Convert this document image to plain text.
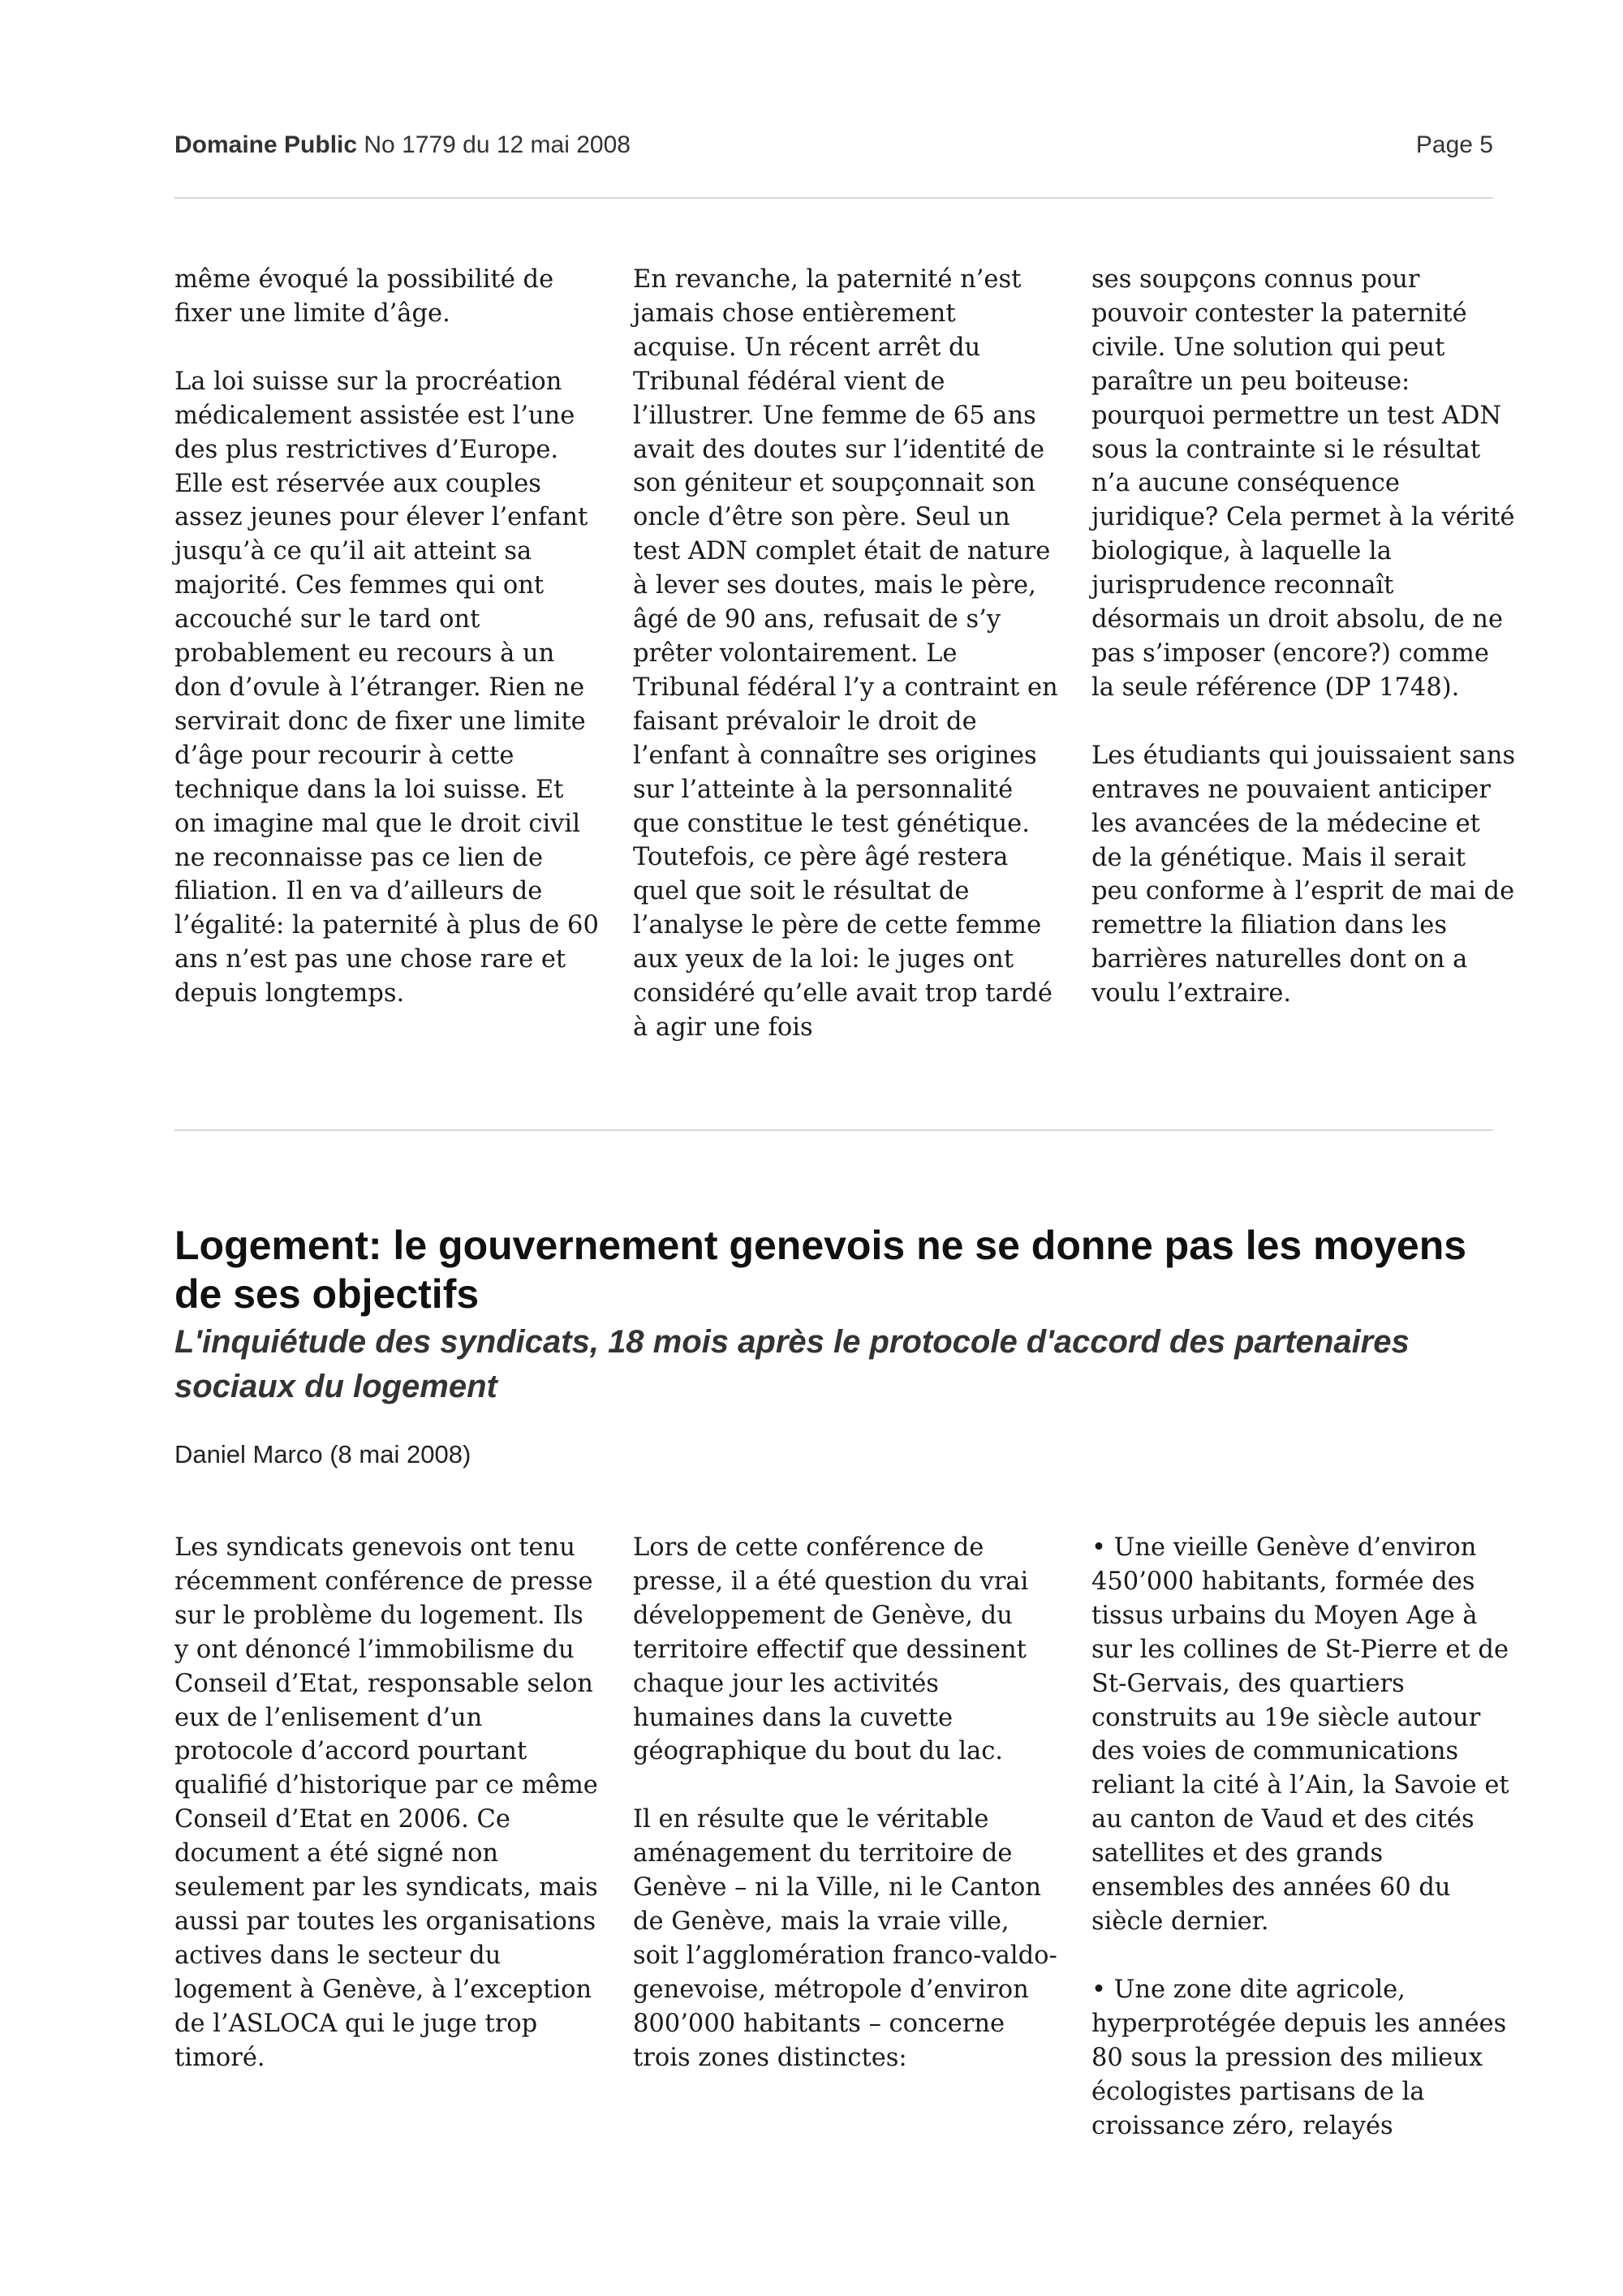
Domaine Public No 1779 du 12 mai 2008	Page 5

même évoqué la possibilité de fixer une limite d’âge.

La loi suisse sur la procréation médicalement assistée est l’une des plus restrictives d’Europe. Elle est réservée aux couples assez jeunes pour élever l’enfant jusqu’à ce qu’il ait atteint sa majorité. Ces femmes qui ont accouché sur le tard ont probablement eu recours à un don d’ovule à l’étranger. Rien ne servirait donc de fixer une limite d’âge pour recourir à cette technique dans la loi suisse. Et on imagine mal que le droit civil ne reconnaisse pas ce lien de filiation. Il en va d’ailleurs de l’égalité: la paternité à plus de 60 ans n’est pas une chose rare et depuis longtemps.

En revanche, la paternité n’est jamais chose entièrement acquise. Un récent arrêt du Tribunal fédéral vient de l’illustrer. Une femme de 65 ans avait des doutes sur l’identité de son géniteur et soupçonnait son oncle d’être son père. Seul un test ADN complet était de nature à lever ses doutes, mais le père, âgé de 90 ans, refusait de s’y prêter volontairement. Le Tribunal fédéral l’y a contraint en faisant prévaloir le droit de l’enfant à connaître ses origines sur l’atteinte à la personnalité que constitue le test génétique. Toutefois, ce père âgé restera quel que soit le résultat de l’analyse le père de cette femme aux yeux de la loi: le juges ont considéré qu’elle avait trop tardé à agir une fois

ses soupçons connus pour pouvoir contester la paternité civile. Une solution qui peut paraître un peu boiteuse: pourquoi permettre un test ADN sous la contrainte si le résultat n’a aucune conséquence juridique? Cela permet à la vérité biologique, à laquelle la jurisprudence reconnaît désormais un droit absolu, de ne pas s’imposer (encore?) comme la seule référence (DP 1748).

Les étudiants qui jouissaient sans entraves ne pouvaient anticiper les avancées de la médecine et de la génétique. Mais il serait peu conforme à l’esprit de mai de remettre la filiation dans les barrières naturelles dont on a voulu l’extraire.

Logement: le gouvernement genevois ne se donne pas les moyens de ses objectifs
L'inquiétude des syndicats, 18 mois après le protocole d'accord des partenaires sociaux du logement
Daniel Marco (8 mai 2008)

Les syndicats genevois ont tenu récemment conférence de presse sur le problème du logement. Ils y ont dénoncé l’immobilisme du Conseil d’Etat, responsable selon eux de l’enlisement d’un protocole d’accord pourtant qualifié d’historique par ce même Conseil d’Etat en 2006. Ce document a été signé non seulement par les syndicats, mais aussi par toutes les organisations actives dans le secteur du logement à Genève, à l’exception de l’ASLOCA qui le juge trop timoré.

Lors de cette conférence de presse, il a été question du vrai développement de Genève, du territoire effectif que dessinent chaque jour les activités humaines dans la cuvette géographique du bout du lac.

Il en résulte que le véritable aménagement du territoire de Genève – ni la Ville, ni le Canton de Genève, mais la vraie ville, soit l’agglomération franco-valdo-genevoise, métropole d’environ 800’000 habitants – concerne trois zones distinctes:

• Une vieille Genève d’environ 450’000 habitants, formée des tissus urbains du Moyen Age à sur les collines de St-Pierre et de St-Gervais, des quartiers construits au 19e siècle autour des voies de communications reliant la cité à l’Ain, la Savoie et au canton de Vaud et des cités satellites et des grands ensembles des années 60 du siècle dernier.

• Une zone dite agricole, hyperprotégée depuis les années 80 sous la pression des milieux écologistes partisans de la croissance zéro, relayés
